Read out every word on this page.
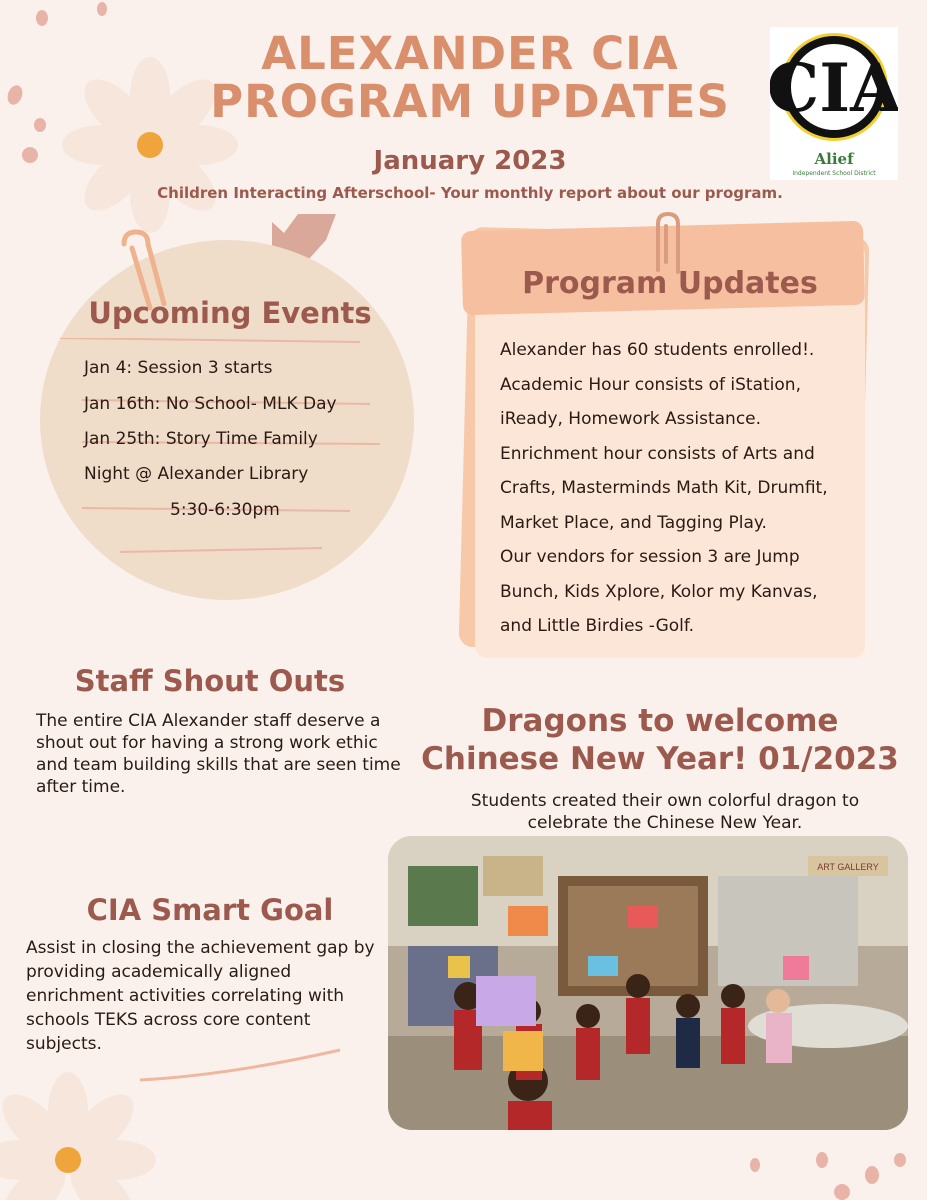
ALEXANDER CIA
PROGRAM UPDATES
January 2023
Children Interacting Afterschool- Your monthly report about our program.
CIA
Alief
Independent School District
Upcoming Events
Jan 4: Session 3 starts
Jan 16th: No School- MLK Day
Jan 25th: Story Time Family
Night @ Alexander Library
5:30-6:30pm
Program Updates
Alexander has 60 students enrolled!.
Academic Hour consists of iStation,
iReady, Homework Assistance.
Enrichment hour consists of Arts and
Crafts, Masterminds Math Kit, Drumfit,
Market Place, and Tagging Play.
Our vendors for session 3 are Jump
Bunch, Kids Xplore, Kolor my Kanvas,
and Little Birdies -Golf.
Staff Shout Outs
The entire CIA Alexander staff deserve a shout out for having a strong work ethic and team building skills that are seen time after time.
Dragons to welcome
Chinese New Year! 01/2023
Students created their own colorful dragon to
celebrate the Chinese New Year.
CIA Smart Goal
Assist in closing the achievement gap by providing academically aligned enrichment activities correlating with schools TEKS across core content subjects.
ART GALLERY
